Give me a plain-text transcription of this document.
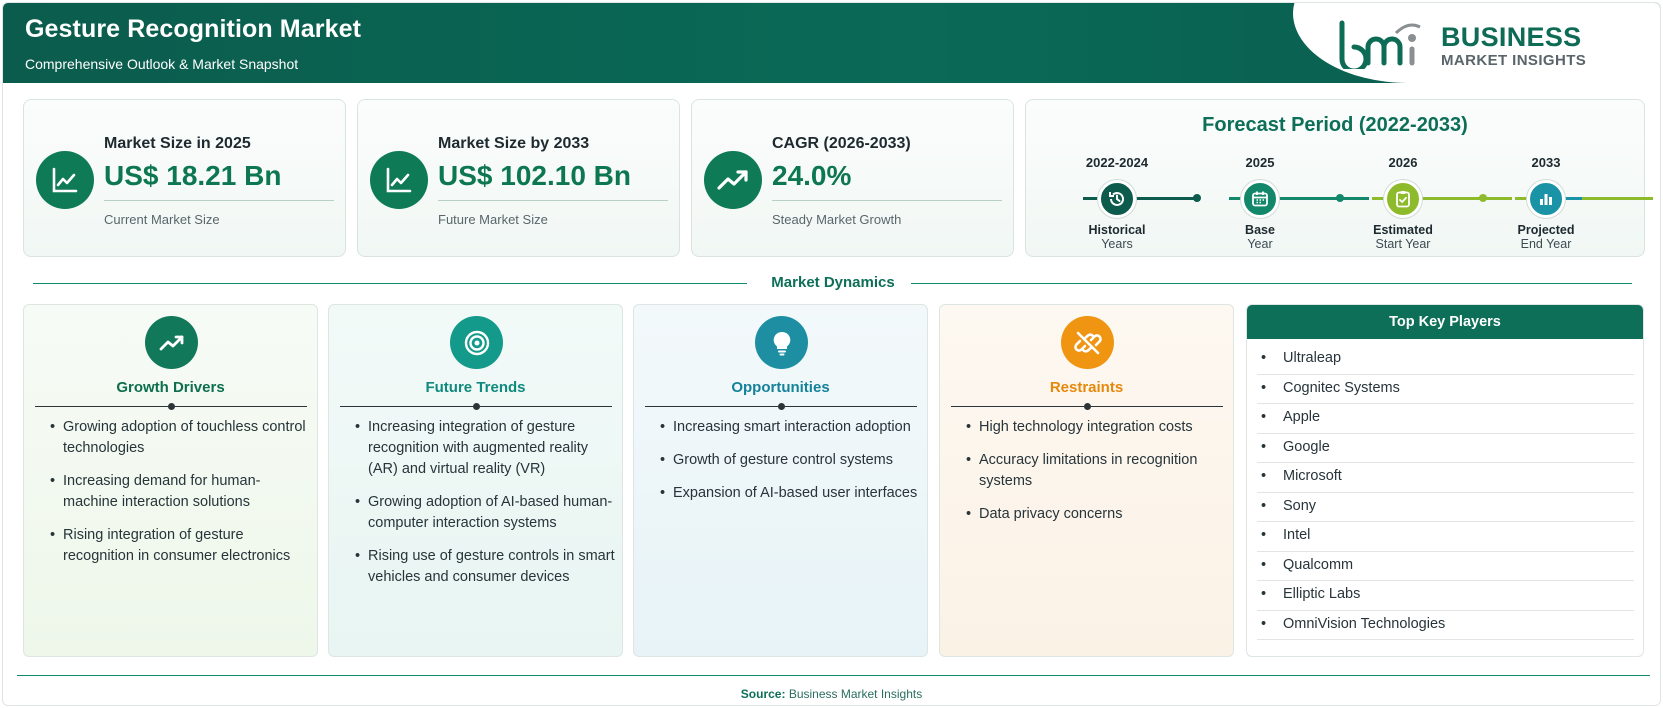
Gesture Recognition Market
Comprehensive Outlook & Market Snapshot
BUSINESS
MARKET INSIGHTS
Market Size in 2025
US$ 18.21 Bn
Current Market Size
Market Size by 2033
US$ 102.10 Bn
Future Market Size
CAGR (2026-2033)
24.0%
Steady Market Growth
Forecast Period (2022-2033)
2022-2024
Historical
Years
2025
Base
Year
2026
Estimated
Start Year
2033
Projected
End Year
Market Dynamics
Growth Drivers
• Growing adoption of touchless control technologies
• Increasing demand for human-machine interaction solutions
• Rising integration of gesture recognition in consumer electronics
Future Trends
• Increasing integration of gesture recognition with augmented reality (AR) and virtual reality (VR)
• Growing adoption of AI-based human-computer interaction systems
• Rising use of gesture controls in smart vehicles and consumer devices
Opportunities
• Increasing smart interaction adoption
• Growth of gesture control systems
• Expansion of AI-based user interfaces
Restraints
• High technology integration costs
• Accuracy limitations in recognition systems
• Data privacy concerns
Top Key Players
• Ultraleap
• Cognitec Systems
• Apple
• Google
• Microsoft
• Sony
• Intel
• Qualcomm
• Elliptic Labs
• OmniVision Technologies
Source: Business Market Insights
